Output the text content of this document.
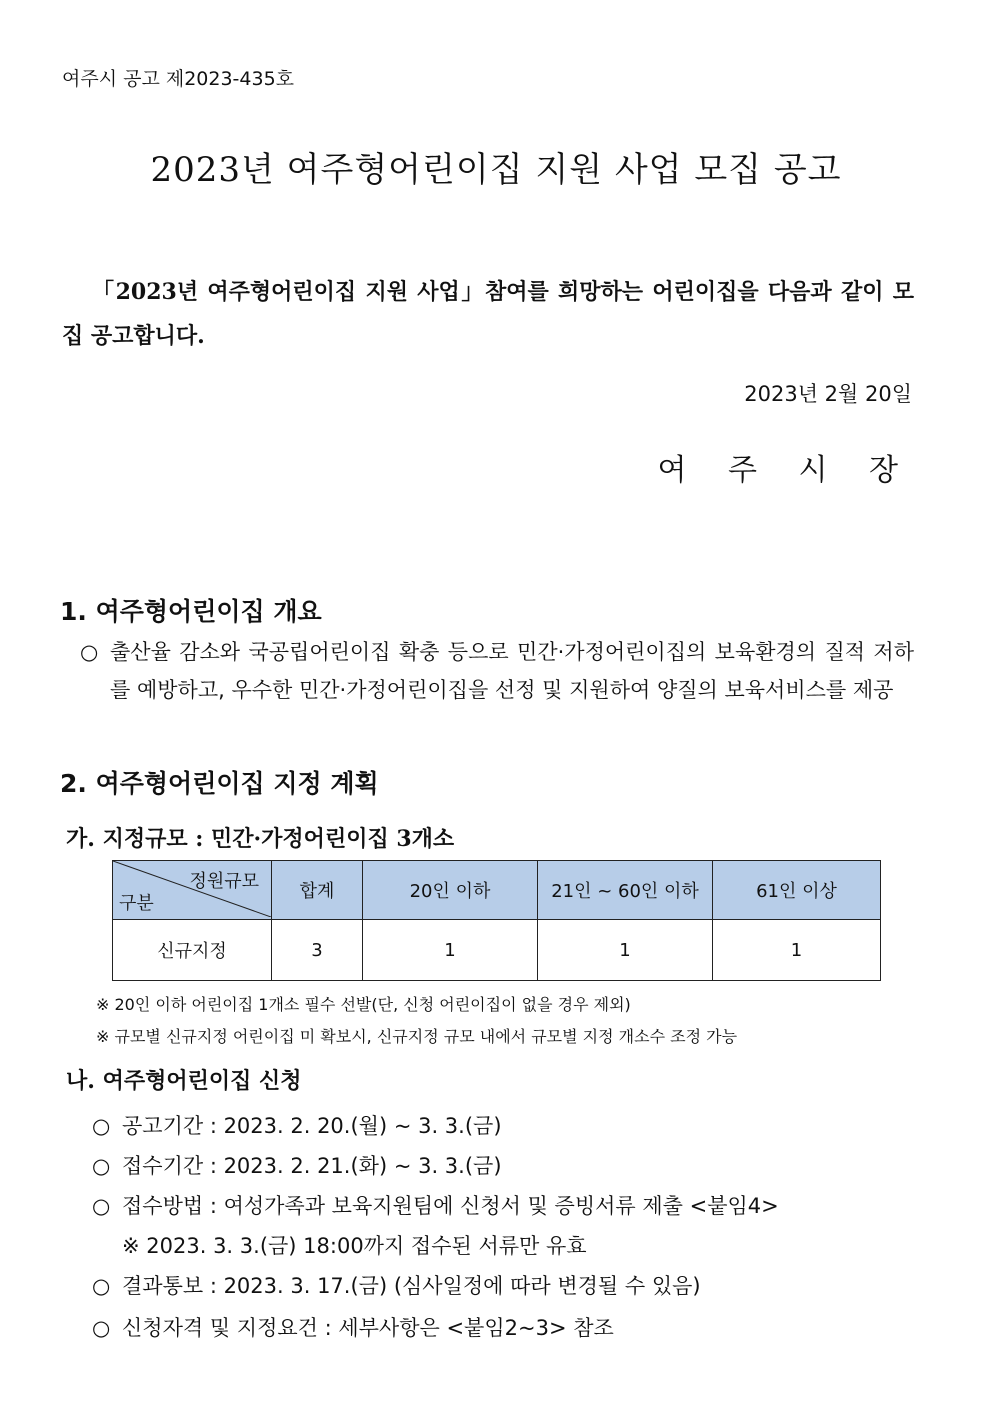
여주시 공고 제2023-435호
2023년 여주형어린이집 지원 사업 모집 공고
「2023년 여주형어린이집 지원 사업」참여를 희망하는 어린이집을 다음과 같이 모집 공고합니다.
2023년 2월 20일
여 주 시 장
1. 여주형어린이집 개요
○ 출산율 감소와 국공립어린이집 확충 등으로 민간·가정어린이집의 보육환경의 질적 저하를 예방하고, 우수한 민간·가정어린이집을 선정 및 지원하여 양질의 보육서비스를 제공
2. 여주형어린이집 지정 계획
가. 지정규모 : 민간·가정어린이집 3개소
정원규모
구분	합계	20인 이하	21인 ~ 60인 이하	61인 이상
신규지정	3	1	1	1
※ 20인 이하 어린이집 1개소 필수 선발(단, 신청 어린이집이 없을 경우 제외)
※ 규모별 신규지정 어린이집 미 확보시, 신규지정 규모 내에서 규모별 지정 개소수 조정 가능
나. 여주형어린이집 신청
○ 공고기간 : 2023. 2. 20.(월) ~ 3. 3.(금)
○ 접수기간 : 2023. 2. 21.(화) ~ 3. 3.(금)
○ 접수방법 : 여성가족과 보육지원팀에 신청서 및 증빙서류 제출 <붙임4>
※ 2023. 3. 3.(금) 18:00까지 접수된 서류만 유효
○ 결과통보 : 2023. 3. 17.(금) (심사일정에 따라 변경될 수 있음)
○ 신청자격 및 지정요건 : 세부사항은 <붙임2~3> 참조
